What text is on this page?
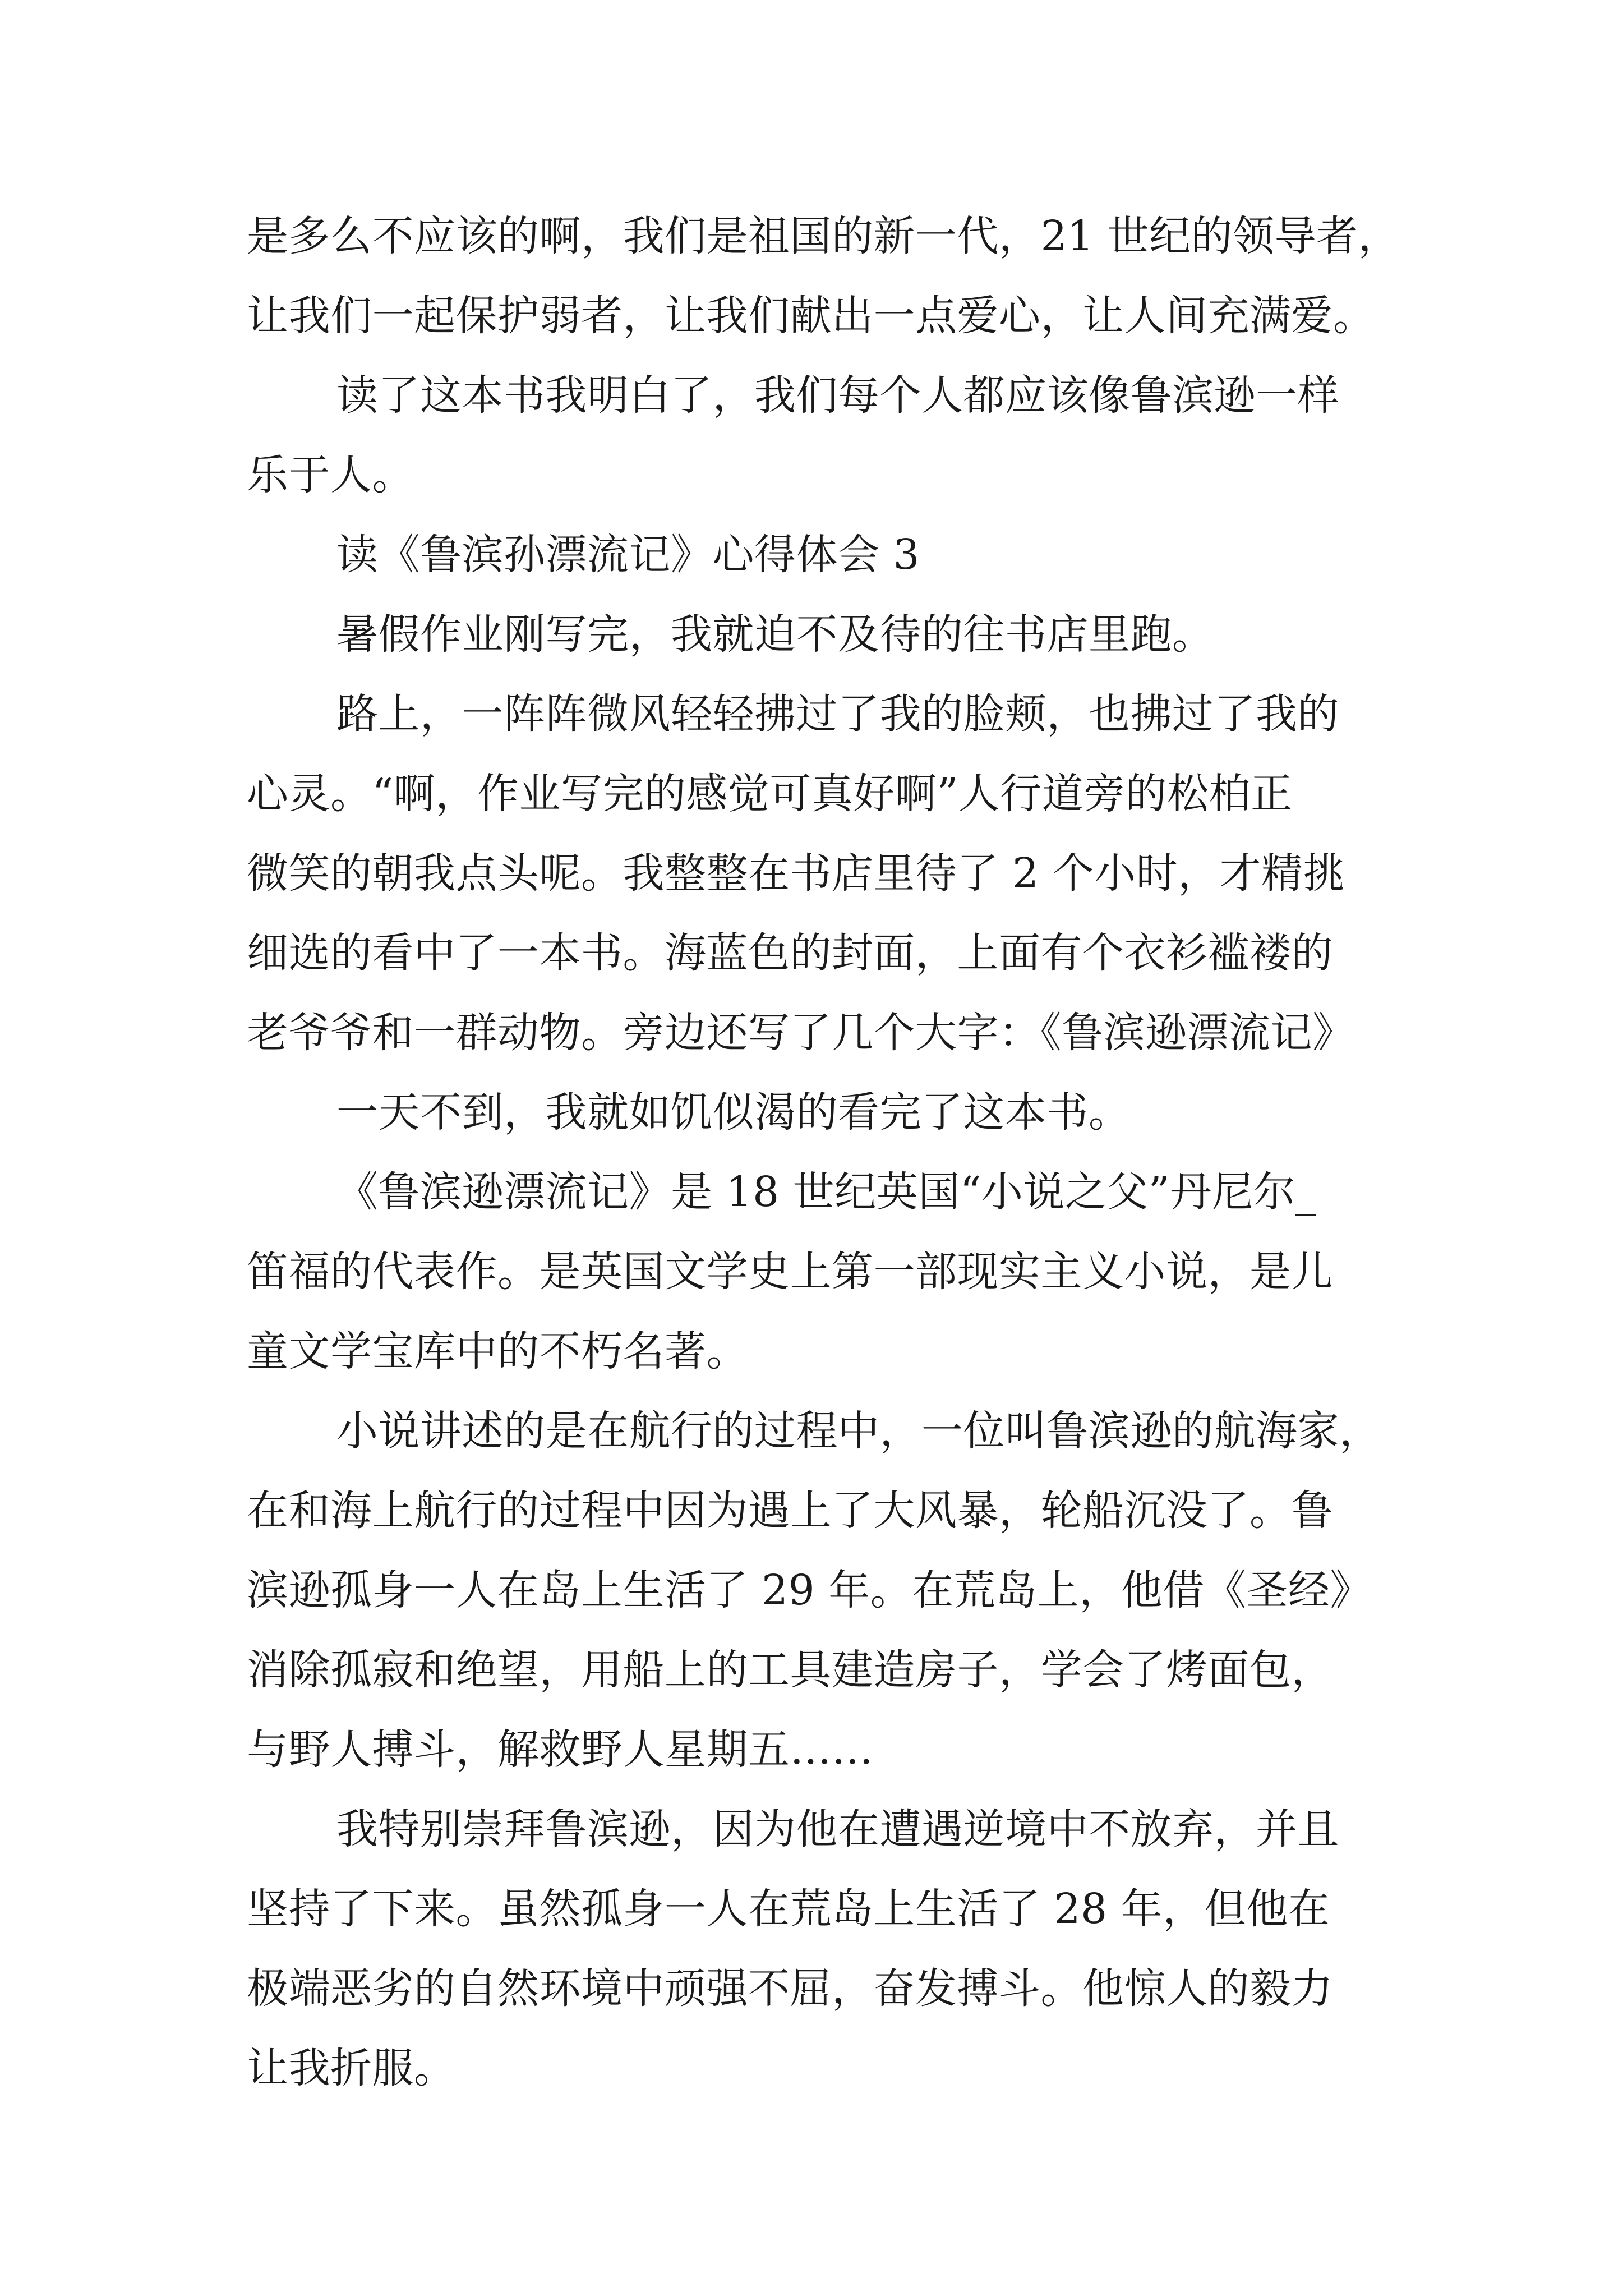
是多么不应该的啊，我们是祖国的新一代，21 世纪的领导者，
让我们一起保护弱者，让我们献出一点爱心，让人间充满爱。
读了这本书我明白了，我们每个人都应该像鲁滨逊一样
乐于人。
读《鲁滨孙漂流记》心得体会 3
暑假作业刚写完，我就迫不及待的往书店里跑。
路上，一阵阵微风轻轻拂过了我的脸颊，也拂过了我的
心灵。“啊，作业写完的感觉可真好啊”人行道旁的松柏正
微笑的朝我点头呢。我整整在书店里待了 2 个小时，才精挑
细选的看中了一本书。海蓝色的封面，上面有个衣衫褴褛的
老爷爷和一群动物。旁边还写了几个大字：《鲁滨逊漂流记》
一天不到，我就如饥似渴的看完了这本书。
《鲁滨逊漂流记》是 18 世纪英国“小说之父”丹尼尔_
笛福的代表作。是英国文学史上第一部现实主义小说，是儿
童文学宝库中的不朽名著。
小说讲述的是在航行的过程中，一位叫鲁滨逊的航海家，
在和海上航行的过程中因为遇上了大风暴，轮船沉没了。鲁
滨逊孤身一人在岛上生活了 29 年。在荒岛上，他借《圣经》
消除孤寂和绝望，用船上的工具建造房子，学会了烤面包，
与野人搏斗，解救野人星期五……
我特别崇拜鲁滨逊，因为他在遭遇逆境中不放弃，并且
坚持了下来。虽然孤身一人在荒岛上生活了 28 年，但他在
极端恶劣的自然环境中顽强不屈，奋发搏斗。他惊人的毅力
让我折服。
